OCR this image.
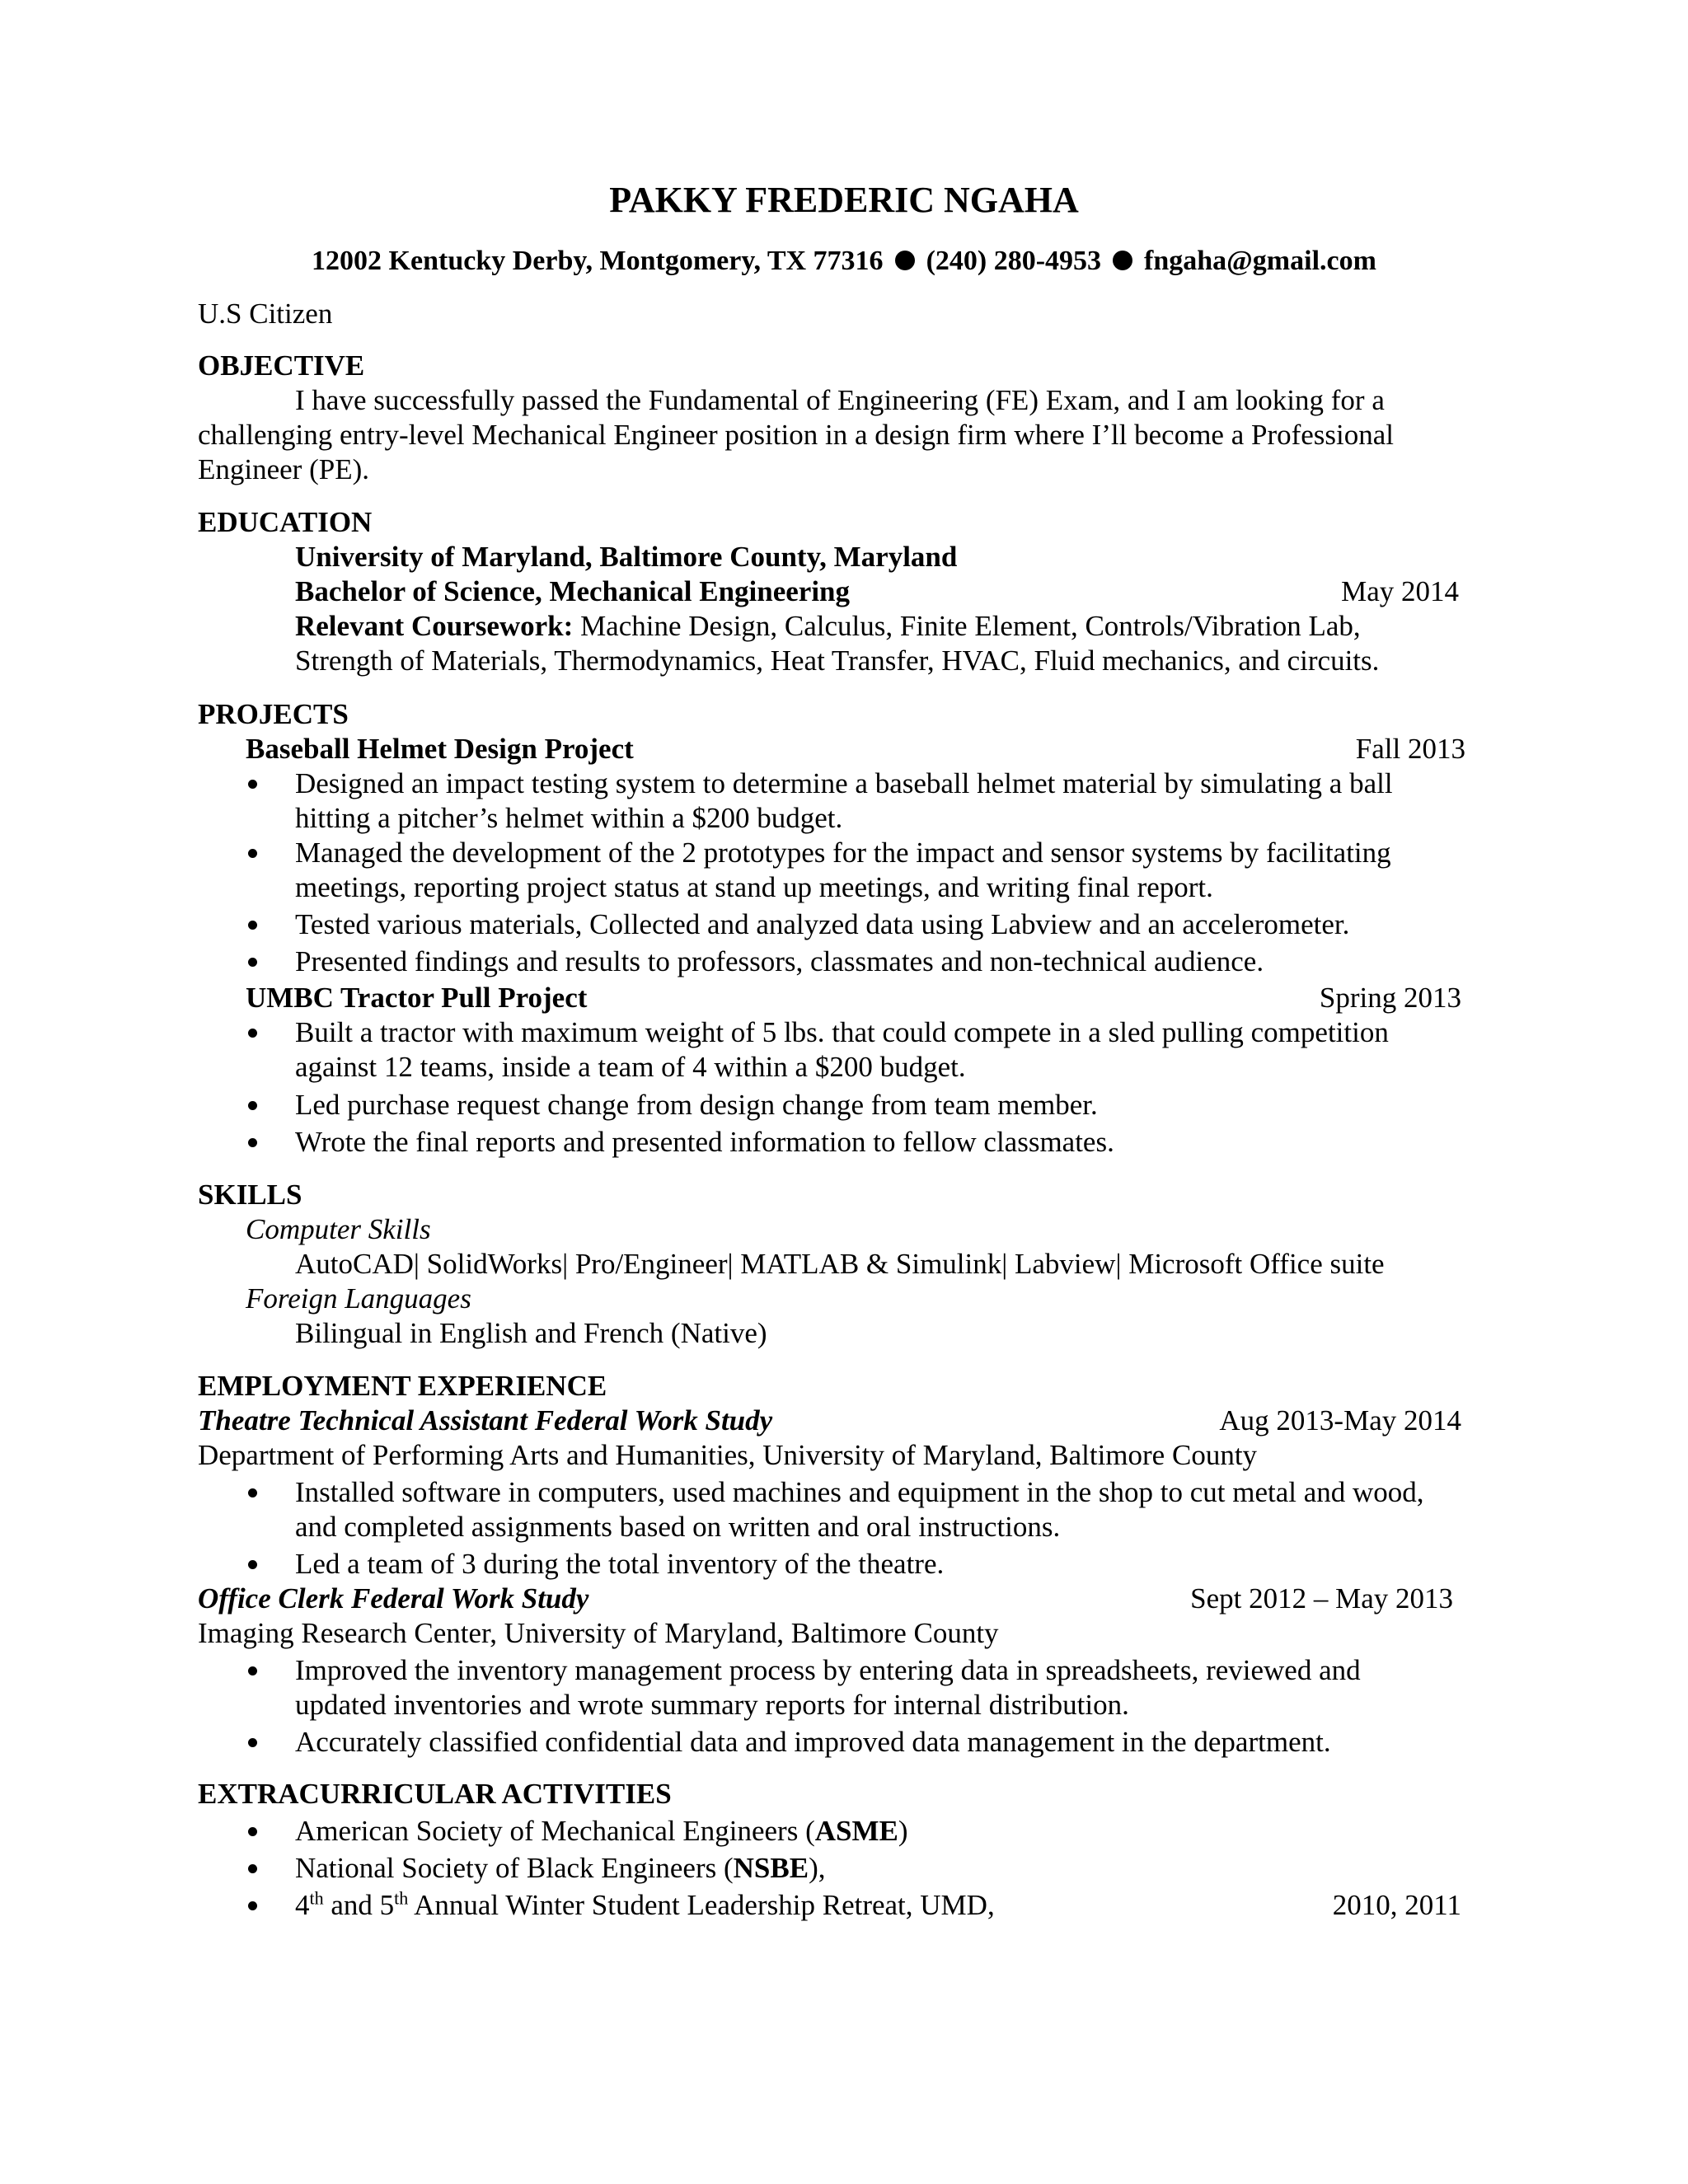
PAKKY FREDERIC NGAHA
12002 Kentucky Derby, Montgomery, TX 77316 (240) 280-4953 fngaha@gmail.com
U.S Citizen
OBJECTIVE
I have successfully passed the Fundamental of Engineering (FE) Exam, and I am looking for a
challenging entry-level Mechanical Engineer position in a design firm where I’ll become a Professional
Engineer (PE).
EDUCATION
University of Maryland, Baltimore County, Maryland
Bachelor of Science, Mechanical Engineering	May 2014
Relevant Coursework: Machine Design, Calculus, Finite Element, Controls/Vibration Lab,
Strength of Materials, Thermodynamics, Heat Transfer, HVAC, Fluid mechanics, and circuits.
PROJECTS
Baseball Helmet Design Project	Fall 2013
Designed an impact testing system to determine a baseball helmet material by simulating a ball
hitting a pitcher’s helmet within a $200 budget.
Managed the development of the 2 prototypes for the impact and sensor systems by facilitating
meetings, reporting project status at stand up meetings, and writing final report.
Tested various materials, Collected and analyzed data using Labview and an accelerometer.
Presented findings and results to professors, classmates and non-technical audience.
UMBC Tractor Pull Project	Spring 2013
Built a tractor with maximum weight of 5 lbs. that could compete in a sled pulling competition
against 12 teams, inside a team of 4 within a $200 budget.
Led purchase request change from design change from team member.
Wrote the final reports and presented information to fellow classmates.
SKILLS
Computer Skills
AutoCAD| SolidWorks| Pro/Engineer| MATLAB & Simulink| Labview| Microsoft Office suite
Foreign Languages
Bilingual in English and French (Native)
EMPLOYMENT EXPERIENCE
Theatre Technical Assistant Federal Work Study	Aug 2013-May 2014
Department of Performing Arts and Humanities, University of Maryland, Baltimore County
Installed software in computers, used machines and equipment in the shop to cut metal and wood,
and completed assignments based on written and oral instructions.
Led a team of 3 during the total inventory of the theatre.
Office Clerk Federal Work Study	Sept 2012 – May 2013
Imaging Research Center, University of Maryland, Baltimore County
Improved the inventory management process by entering data in spreadsheets, reviewed and
updated inventories and wrote summary reports for internal distribution.
Accurately classified confidential data and improved data management in the department.
EXTRACURRICULAR ACTIVITIES
American Society of Mechanical Engineers (ASME)
National Society of Black Engineers (NSBE),
4th and 5th Annual Winter Student Leadership Retreat, UMD,	2010, 2011
